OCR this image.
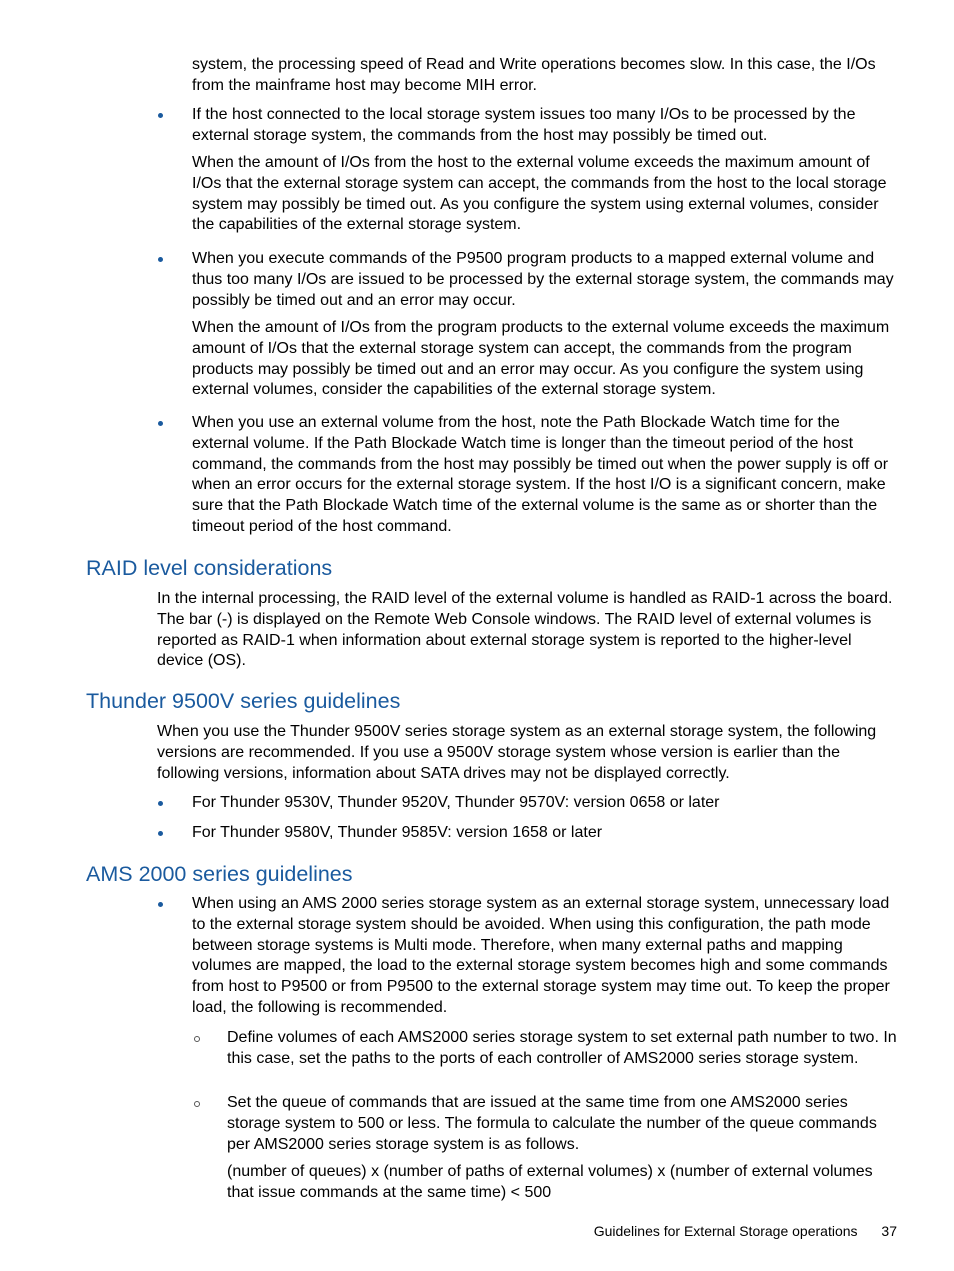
system, the processing speed of Read and Write operations becomes slow. In this case, the I/Os from the mainframe host may become MIH error.

If the host connected to the local storage system issues too many I/Os to be processed by the external storage system, the commands from the host may possibly be timed out.

When the amount of I/Os from the host to the external volume exceeds the maximum amount of I/Os that the external storage system can accept, the commands from the host to the local storage system may possibly be timed out. As you configure the system using external volumes, consider the capabilities of the external storage system.

When you execute commands of the P9500 program products to a mapped external volume and thus too many I/Os are issued to be processed by the external storage system, the commands may possibly be timed out and an error may occur.

When the amount of I/Os from the program products to the external volume exceeds the maximum amount of I/Os that the external storage system can accept, the commands from the program products may possibly be timed out and an error may occur. As you configure the system using external volumes, consider the capabilities of the external storage system.

When you use an external volume from the host, note the Path Blockade Watch time for the external volume. If the Path Blockade Watch time is longer than the timeout period of the host command, the commands from the host may possibly be timed out when the power supply is off or when an error occurs for the external storage system. If the host I/O is a significant concern, make sure that the Path Blockade Watch time of the external volume is the same as or shorter than the timeout period of the host command.

RAID level considerations

In the internal processing, the RAID level of the external volume is handled as RAID-1 across the board. The bar (-) is displayed on the Remote Web Console windows. The RAID level of external volumes is reported as RAID-1 when information about external storage system is reported to the higher-level device (OS).

Thunder 9500V series guidelines

When you use the Thunder 9500V series storage system as an external storage system, the following versions are recommended. If you use a 9500V storage system whose version is earlier than the following versions, information about SATA drives may not be displayed correctly.

For Thunder 9530V, Thunder 9520V, Thunder 9570V: version 0658 or later

For Thunder 9580V, Thunder 9585V: version 1658 or later

AMS 2000 series guidelines

When using an AMS 2000 series storage system as an external storage system, unnecessary load to the external storage system should be avoided. When using this configuration, the path mode between storage systems is Multi mode. Therefore, when many external paths and mapping volumes are mapped, the load to the external storage system becomes high and some commands from host to P9500 or from P9500 to the external storage system may time out. To keep the proper load, the following is recommended.

Define volumes of each AMS2000 series storage system to set external path number to two. In this case, set the paths to the ports of each controller of AMS2000 series storage system.

Set the queue of commands that are issued at the same time from one AMS2000 series storage system to 500 or less. The formula to calculate the number of the queue commands per AMS2000 series storage system is as follows.

(number of queues) x (number of paths of external volumes) x (number of external volumes that issue commands at the same time) < 500

Guidelines for External Storage operations 37
